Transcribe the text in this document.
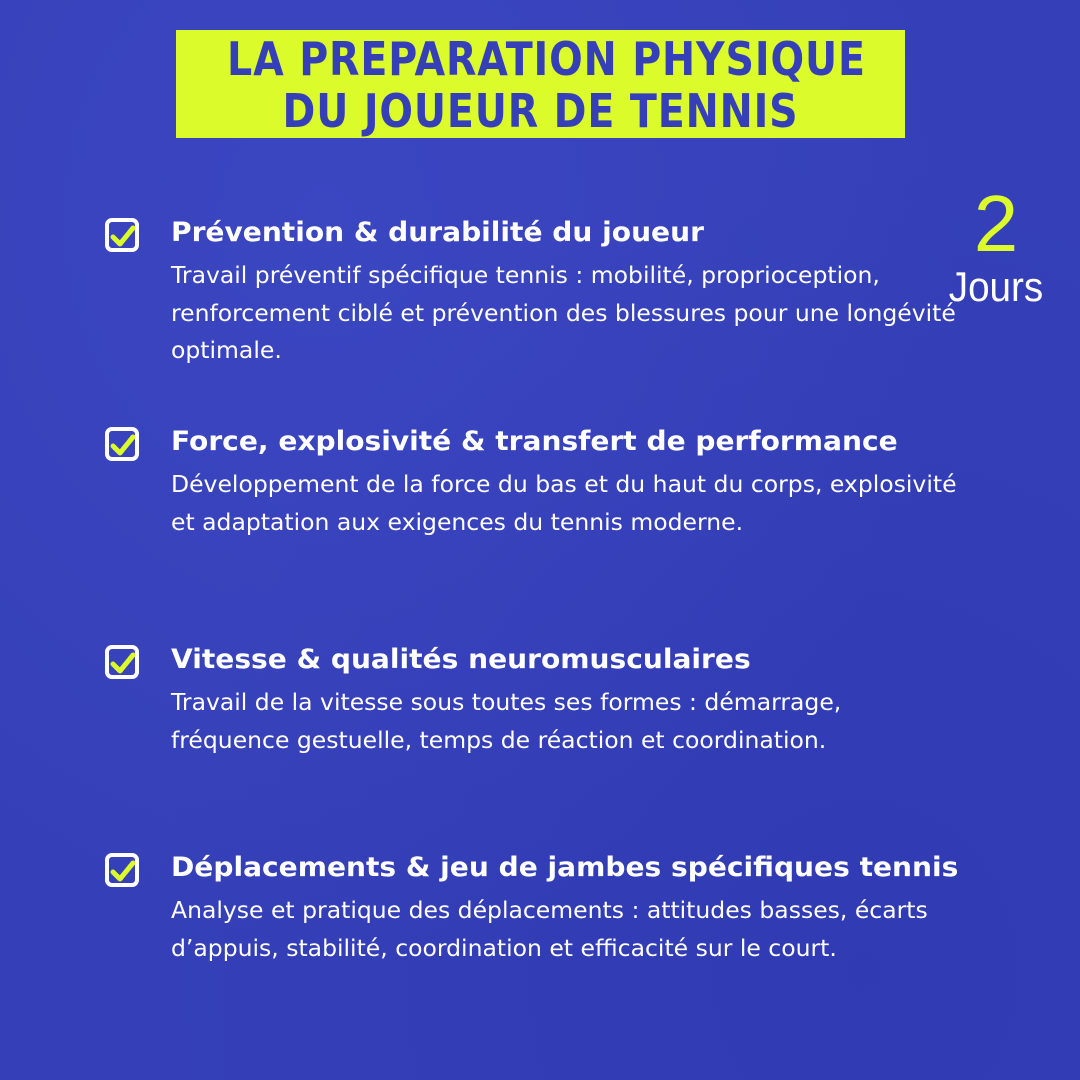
LA PREPARATION PHYSIQUE
DU JOUEUR DE TENNIS
2
Jours
Prévention & durabilité du joueur
Travail préventif spécifique tennis : mobilité, proprioception, renforcement ciblé et prévention des blessures pour une longévité optimale.
Force, explosivité & transfert de performance
Développement de la force du bas et du haut du corps, explosivité et adaptation aux exigences du tennis moderne.
Vitesse & qualités neuromusculaires
Travail de la vitesse sous toutes ses formes : démarrage, fréquence gestuelle, temps de réaction et coordination.
Déplacements & jeu de jambes spécifiques tennis
Analyse et pratique des déplacements : attitudes basses, écarts d’appuis, stabilité, coordination et efficacité sur le court.
